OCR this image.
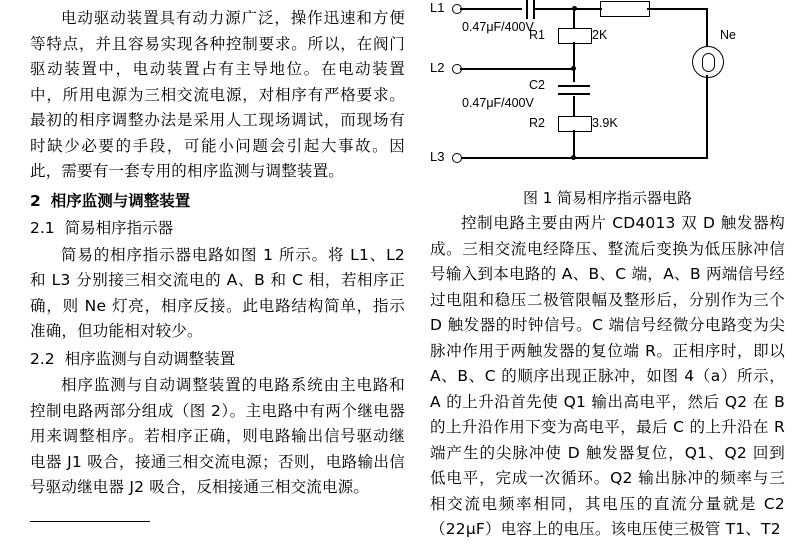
电动驱动装置具有动力源广泛，操作迅速和方便等特点，并且容易实现各种控制要求。所以，在阀门驱动装置中，电动装置占有主导地位。在电动装置中，所用电源为三相交流电源，对相序有严格要求。最初的相序调整办法是采用人工现场调试，而现场有时缺少必要的手段，可能小问题会引起大事故。因此，需要有一套专用的相序监测与调整装置。

2 相序监测与调整装置
2.1 简易相序指示器

简易的相序指示器电路如图 1 所示。将 L1、L2 和 L3 分别接三相交流电的 A、B 和 C 相，若相序正确，则 Ne 灯亮，相序反接。此电路结构简单，指示准确，但功能相对较少。

2.2 相序监测与自动调整装置

相序监测与自动调整装置的电路系统由主电路和控制电路两部分组成（图 2）。主电路中有两个继电器用来调整相序。若相序正确，则电路输出信号驱动继电器 J1 吸合，接通三相交流电源；否则，电路输出信号驱动继电器 J2 吸合，反相接通三相交流电源。

L1
0.47μF/400V

Ne
R1	2K
L2
C2
0.47μF/400V
R2	3.9K
L3
图 1 简易相序指示器电路

控制电路主要由两片 CD4013 双 D 触发器构成。三相交流电经降压、整流后变换为低压脉冲信号输入到本电路的 A、B、C 端，A、B 两端信号经过电阻和稳压二极管限幅及整形后，分别作为三个 D 触发器的时钟信号。C 端信号经微分电路变为尖脉冲作用于两触发器的复位端 R。正相序时，即以 A、B、C 的顺序出现正脉冲，如图 4（a）所示，A 的上升沿首先使 Q1 输出高电平，然后 Q2 在 B 的上升沿作用下变为高电平，最后 C 的上升沿在 R 端产生的尖脉冲使 D 触发器复位，Q1、Q2 回到低电平，完成一次循环。Q2 输出脉冲的频率与三相交流电频率相同，其电压的直流分量就是 C2（22μF）电容上的电压。该电压使三极管 T1、T2
